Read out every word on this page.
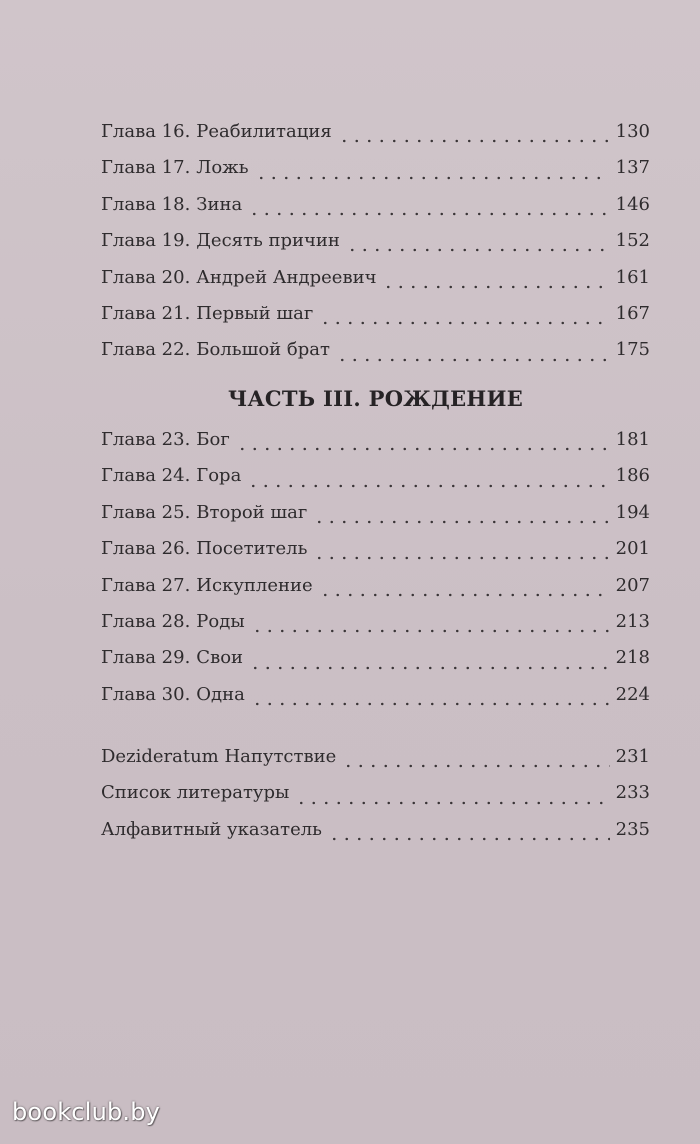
Глава 16. Реабилитация	130
Глава 17. Ложь	137
Глава 18. Зина	146
Глава 19. Десять причин	152
Глава 20. Андрей Андреевич	161
Глава 21. Первый шаг	167
Глава 22. Большой брат	175
ЧАСТЬ III. РОЖДЕНИЕ
Глава 23. Бог	181
Глава 24. Гора	186
Глава 25. Второй шаг	194
Глава 26. Посетитель	201
Глава 27. Искупление	207
Глава 28. Роды	213
Глава 29. Свои	218
Глава 30. Одна	224
Deziderаtum Напутствие	231
Список литературы	233
Алфавитный указатель	235
bookclub.by
